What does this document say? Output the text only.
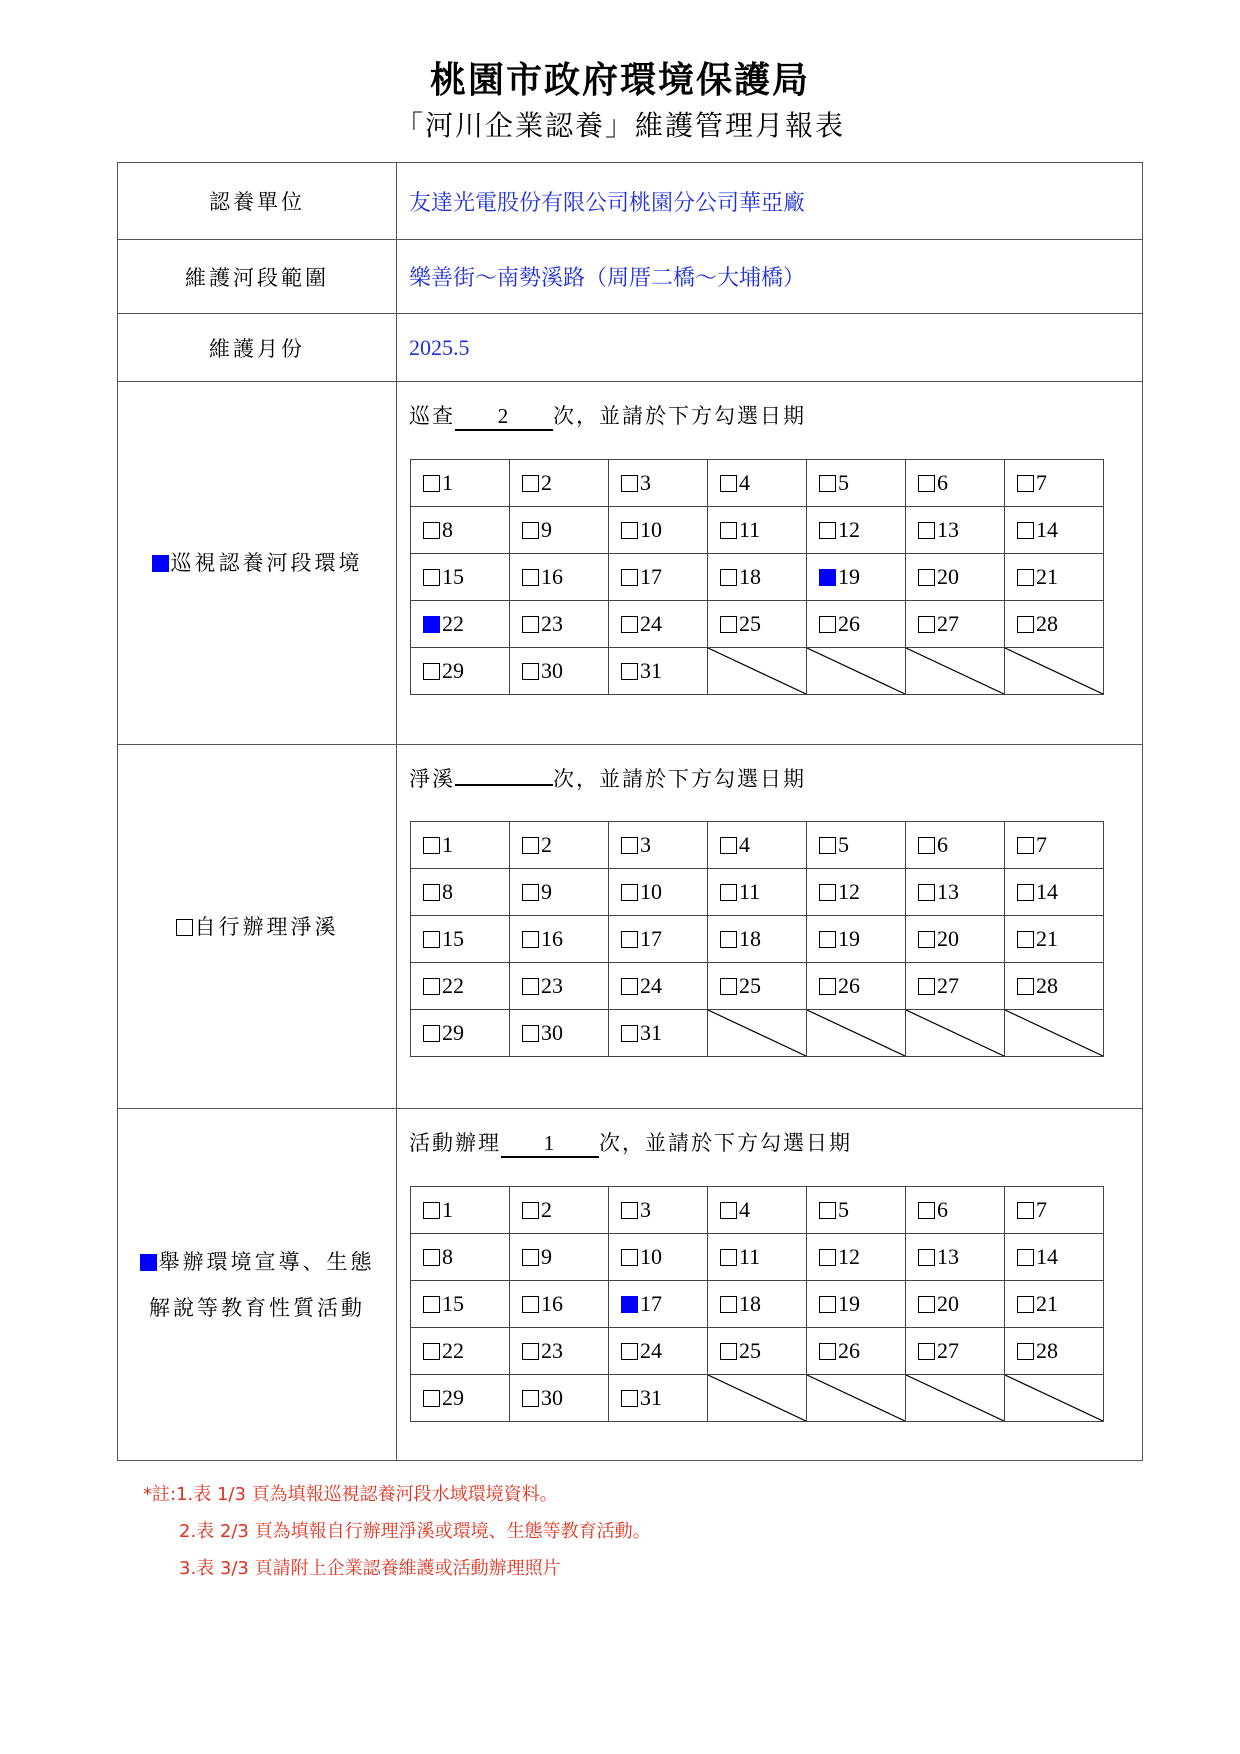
桃園市政府環境保護局
「河川企業認養」維護管理月報表
認養單位	友達光電股份有限公司桃園分公司華亞廠
維護河段範圍	樂善街～南勢溪路（周厝二橋～大埔橋）
維護月份	2025.5

巡視認養河段環境

巡查 2 次，並請於下方勾選日期
1	2	3	4	5	6	7
8	9	10	11	12	13	14
15	16	17	18	19	20	21
22	23	24	25	26	27	28
29	30	31	

自行辦理淨溪

淨溪	次，並請於下方勾選日期
1	2	3	4	5	6	7
8	9	10	11	12	13	14
15	16	17	18	19	20	21
22	23	24	25	26	27	28
29	30	31	

舉辦環境宣導、生態
解說等教育性質活動

活動辦理 1 次，並請於下方勾選日期
1	2	3	4	5	6	7
8	9	10	11	12	13	14
15	16	17	18	19	20	21
22	23	24	25	26	27	28
29	30	31	

*註:1.表 1/3 頁為填報巡視認養河段水域環境資料。
2.表 2/3 頁為填報自行辦理淨溪或環境、生態等教育活動。
3.表 3/3 頁請附上企業認養維護或活動辦理照片
